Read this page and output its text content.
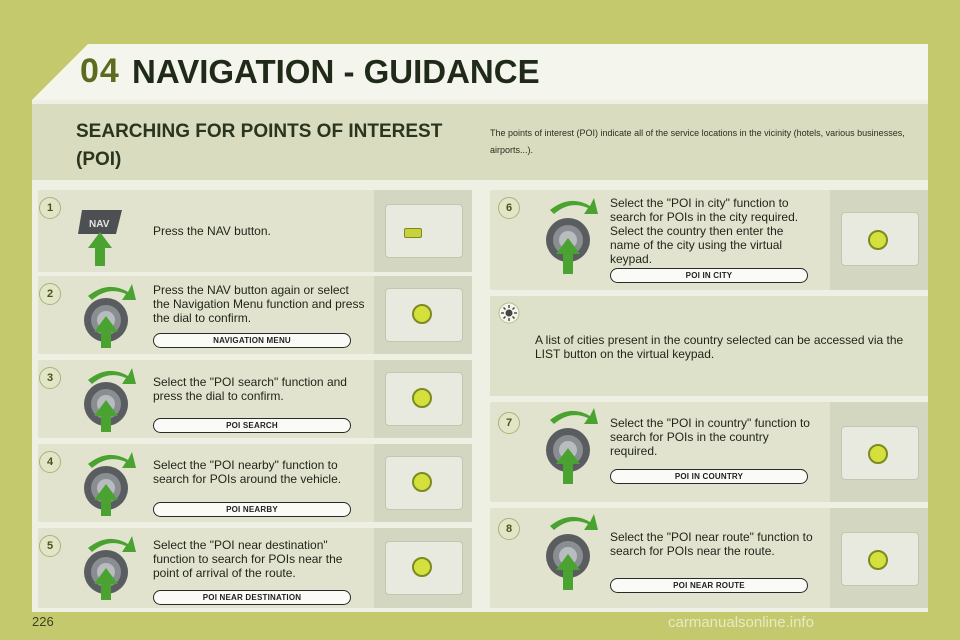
04 NAVIGATION - GUIDANCE
SEARCHING FOR POINTS OF INTEREST (POI)
The points of interest (POI) indicate all of the service locations in the vicinity (hotels, various businesses, airports...).
1
NAV	Press the NAV button.
2	Press the NAV button again or select the Navigation Menu function and press the dial to confirm.
NAVIGATION MENU
3	Select the "POI search" function and press the dial to confirm.
POI SEARCH
4	Select the "POI nearby" function to search for POIs around the vehicle.
POI NEARBY
5	Select the "POI near destination" function to search for POIs near the point of arrival of the route.
POI NEAR DESTINATION
6	Select the "POI in city" function to search for POIs in the city required. Select the country then enter the name of the city using the virtual keypad.
POI IN CITY
A list of cities present in the country selected can be accessed via the LIST button on the virtual keypad.
7	Select the "POI in country" function to search for POIs in the country required.
POI IN COUNTRY
8
Select the "POI near route" function to search for POIs near the route.
POI NEAR ROUTE
226	carmanualsonline.info
